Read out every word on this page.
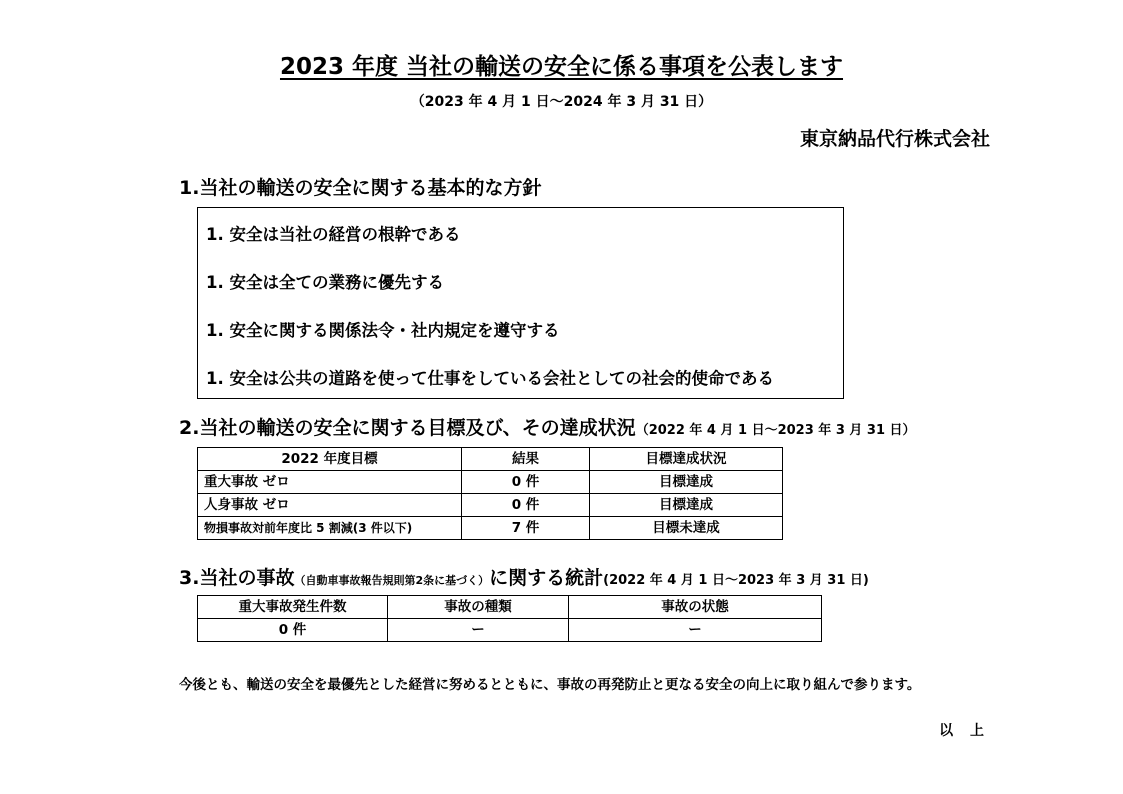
2023 年度 当社の輸送の安全に係る事項を公表します
（2023 年 4 月 1 日～2024 年 3 月 31 日）
東京納品代行株式会社
1.当社の輸送の安全に関する基本的な方針
1. 安全は当社の経営の根幹である
1. 安全は全ての業務に優先する
1. 安全に関する関係法令・社内規定を遵守する
1. 安全は公共の道路を使って仕事をしている会社としての社会的使命である
2.当社の輸送の安全に関する目標及び、その達成状況（2022 年 4 月 1 日～2023 年 3 月 31 日）
2022 年度目標	結果	目標達成状況
重大事故 ゼロ	0 件	目標達成
人身事故 ゼロ	0 件	目標達成
物損事故対前年度比 5 割減(3 件以下)	7 件	目標未達成
3.当社の事故（自動車事故報告規則第2条に基づく）に関する統計(2022 年 4 月 1 日～2023 年 3 月 31 日)
重大事故発生件数	事故の種類	事故の状態
0 件	ー	ー
今後とも、輸送の安全を最優先とした経営に努めるとともに、事故の再発防止と更なる安全の向上に取り組んで参ります。
以 上
